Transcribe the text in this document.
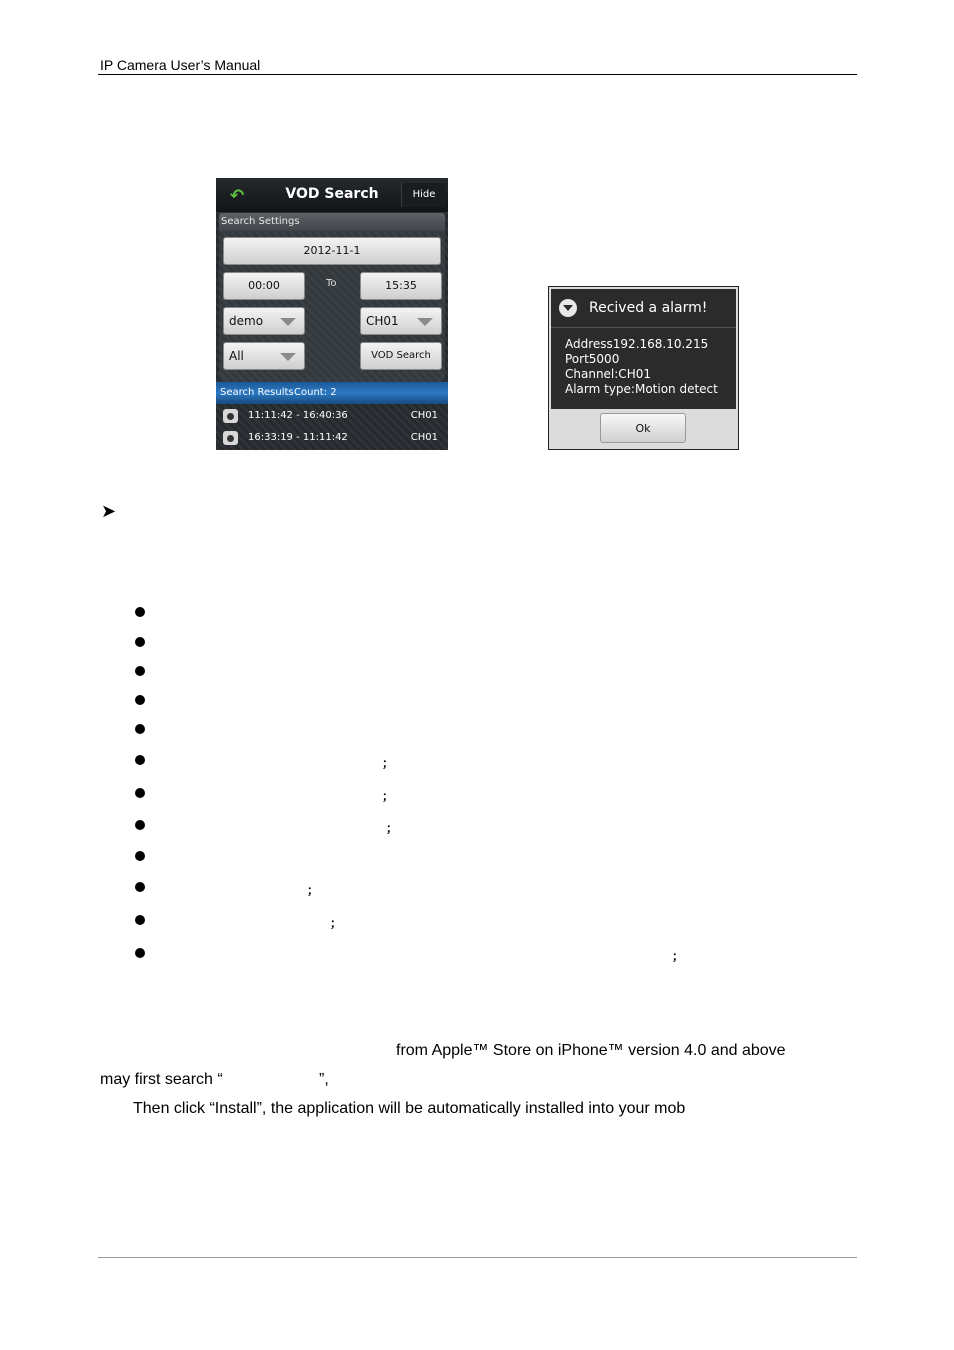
IP Camera User’s Manual
↶	VOD Search	Hide
Search Settings
2012-11-1
00:00	15:35
demo	CH01
All	VOD Search
To
Search Results Count: 2
11:11:42 - 16:40:36	CH01
16:33:19 - 11:11:42	CH01
Recived a alarm!
Address192.168.10.215
Port5000
Channel:CH01
Alarm type:Motion detect
Ok
➤
；
；
；
；
；
；
from Apple™ Store on iPhone™ version 4.0 and above
may first search “	”,
Then click “Install”, the application will be automatically installed into your mob
